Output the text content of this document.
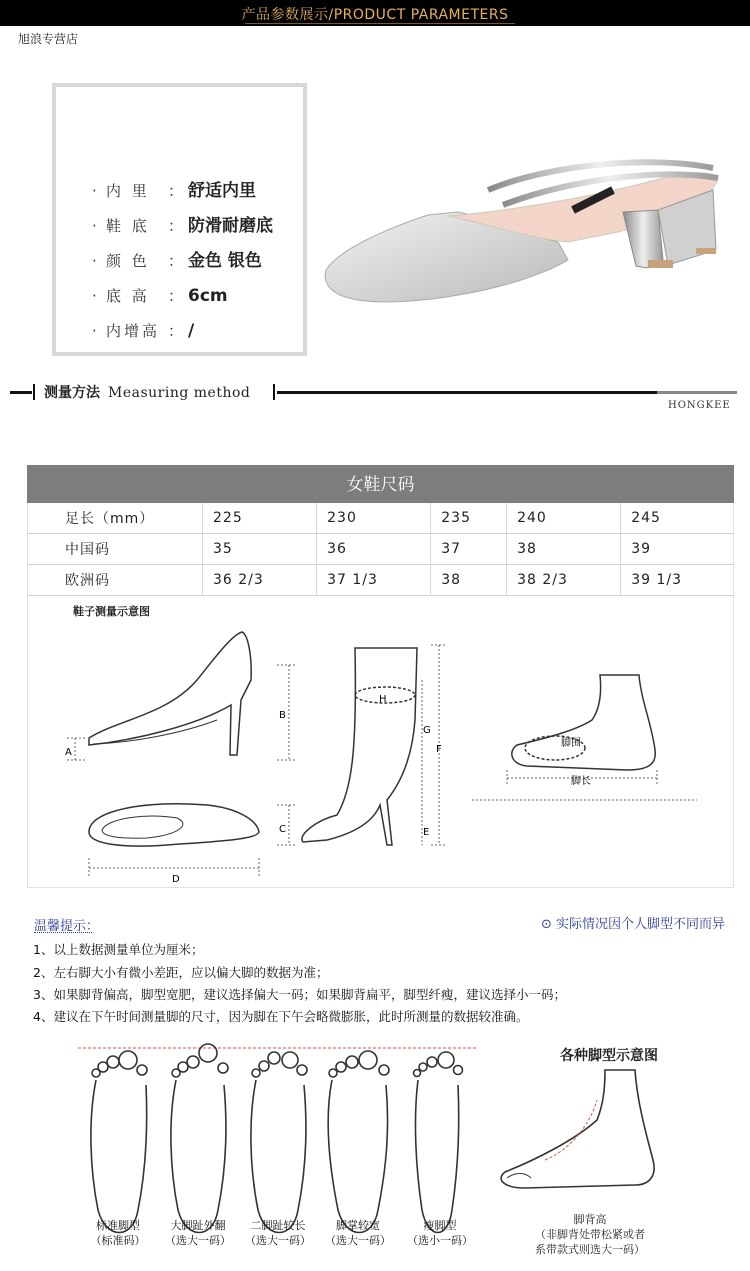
产品参数展示/PRODUCT PARAMETERS
旭浪专营店
· 内 里 ： 舒适内里
· 鞋 底 ： 防滑耐磨底
· 颜 色 ： 金色 银色
· 底 高 ： 6cm
· 内增高 ： /
测量方法 Measuring method
HONGKEE
女鞋尺码
足长（mm）	225	230	235	240	245
中国码	35	36	37	38	39
欧洲码	36 2/3	37 1/3	38	38 2/3	39 1/3
鞋子测量示意图
A
B
C
D
H
E
F
G
脚围
脚长
温馨提示：	⊙ 实际情况因个人脚型不同而异
1、以上数据测量单位为厘米；
2、左右脚大小有微小差距，应以偏大脚的数据为准；
3、如果脚背偏高，脚型宽肥，建议选择偏大一码；如果脚背扁平，脚型纤瘦，建议选择小一码；
4、建议在下午时间测量脚的尺寸，因为脚在下午会略微膨胀，此时所测量的数据较准确。
标准脚型
（标准码）
大脚趾外翻
（选大一码）
二脚趾较长
（选大一码）
脚掌较宽
（选大一码）
瘦脚型
（选小一码）
各种脚型示意图
脚背高
（非脚背处带松紧或者
系带款式则选大一码）
